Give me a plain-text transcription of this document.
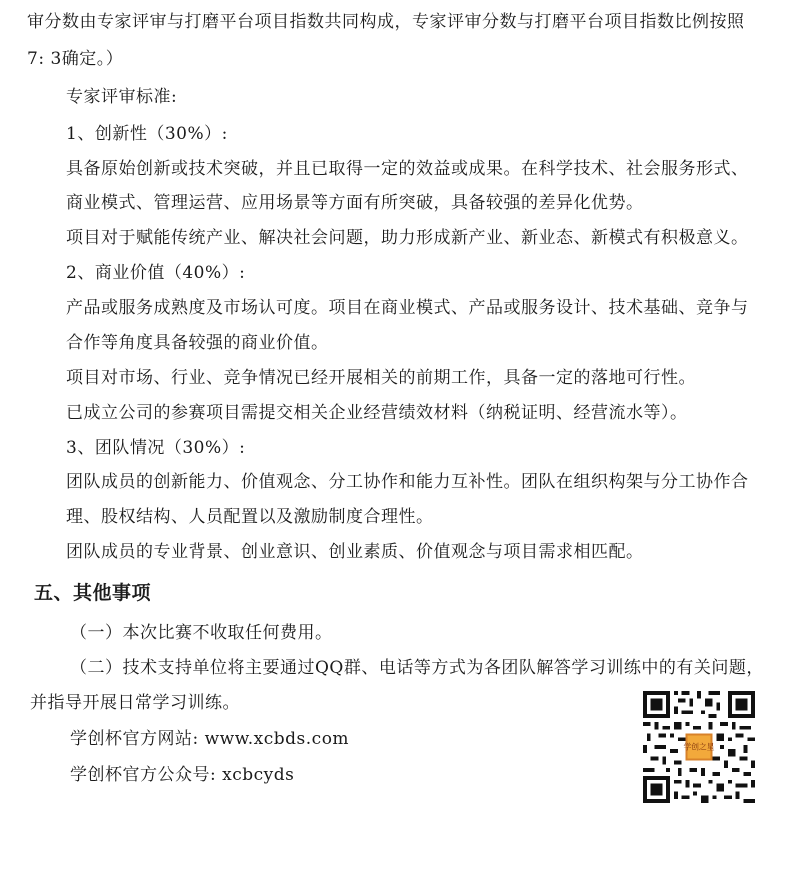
审分数由专家评审与打磨平台项目指数共同构成，专家评审分数与打磨平台项目指数比例按照
7: 3确定。）
专家评审标准:
1、创新性（30%）:
具备原始创新或技术突破，并且已取得一定的效益或成果。在科学技术、社会服务形式、
商业模式、管理运营、应用场景等方面有所突破，具备较强的差异化优势。
项目对于赋能传统产业、解决社会问题，助力形成新产业、新业态、新模式有积极意义。
2、商业价值（40%）:
产品或服务成熟度及市场认可度。项目在商业模式、产品或服务设计、技术基础、竞争与
合作等角度具备较强的商业价值。
项目对市场、行业、竞争情况已经开展相关的前期工作，具备一定的落地可行性。
已成立公司的参赛项目需提交相关企业经营绩效材料（纳税证明、经营流水等）。
3、团队情况（30%）:
团队成员的创新能力、价值观念、分工协作和能力互补性。团队在组织构架与分工协作合
理、股权结构、人员配置以及激励制度合理性。
团队成员的专业背景、创业意识、创业素质、价值观念与项目需求相匹配。
五、其他事项
（一）本次比赛不收取任何费用。
（二）技术支持单位将主要通过QQ群、电话等方式为各团队解答学习训练中的有关问题，
并指导开展日常学习训练。
学创杯官方网站: www.xcbds.com
学创杯官方公众号: xcbcyds
学创之星
